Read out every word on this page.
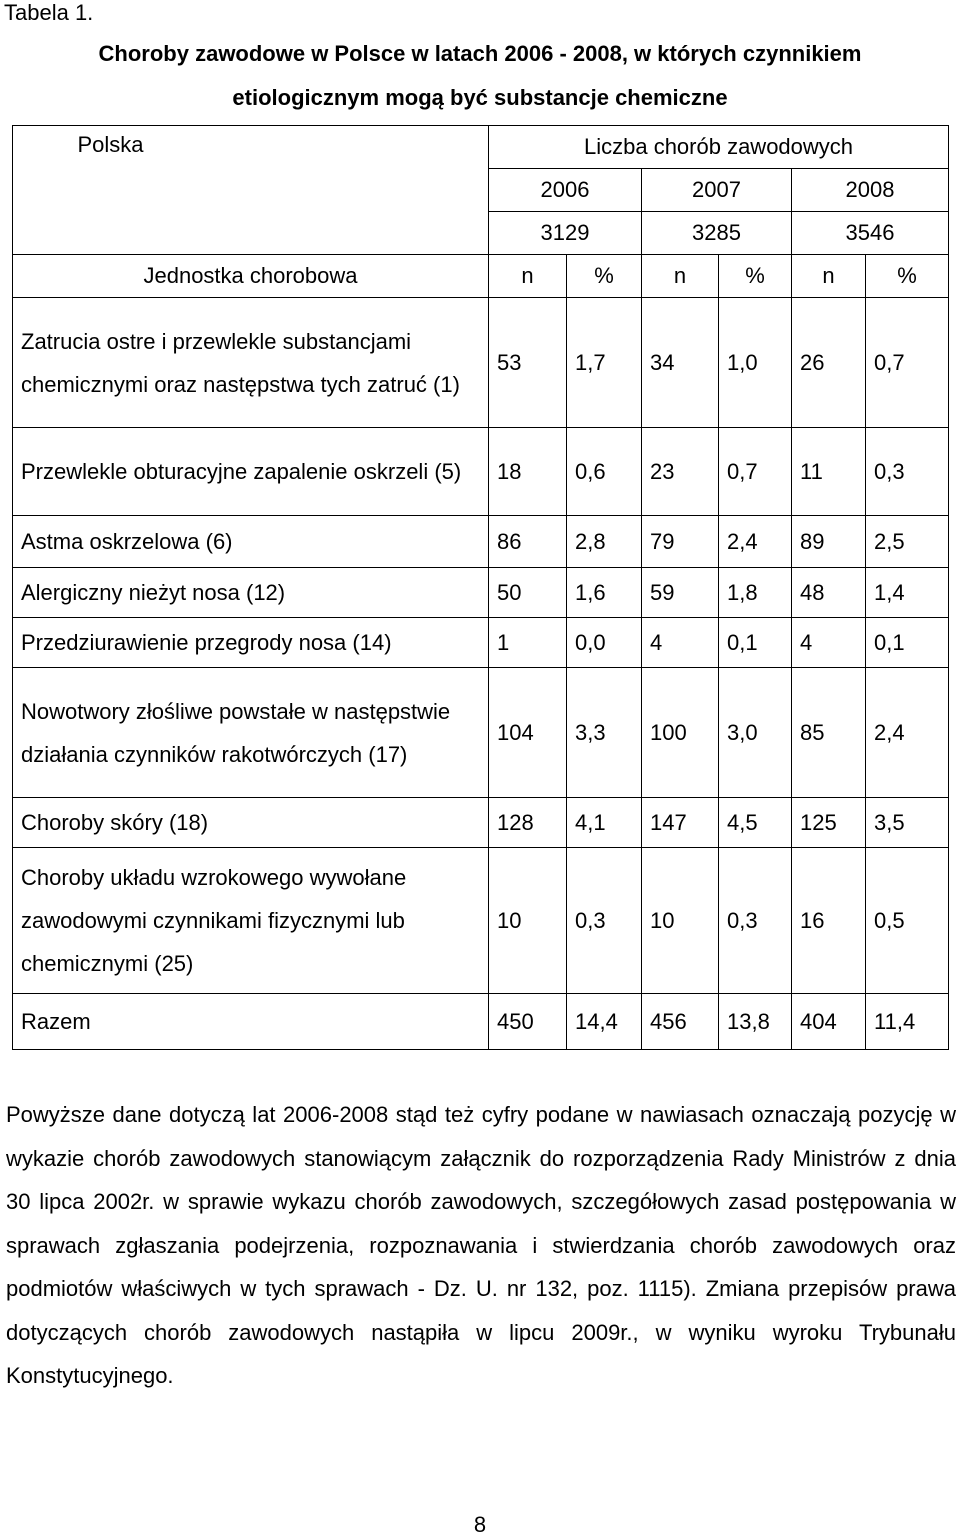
Tabela 1.
Choroby zawodowe w Polsce w latach 2006 - 2008, w których czynnikiem
etiologicznym mogą być substancje chemiczne
Polska	Liczba chorób zawodowych					
	2006		2007		2008	
	3129		3285		3546	
Jednostka chorobowa	n	%	n	%	n	%
Zatrucia ostre i przewlekle substancjami chemicznymi oraz następstwa tych zatruć (1)	53	1,7	34	1,0	26	0,7
Przewlekle obturacyjne zapalenie oskrzeli (5)	18	0,6	23	0,7	11	0,3
Astma oskrzelowa (6)	86	2,8	79	2,4	89	2,5
Alergiczny nieżyt nosa (12)	50	1,6	59	1,8	48	1,4
Przedziurawienie przegrody nosa (14)	1	0,0	4	0,1	4	0,1
Nowotwory złośliwe powstałe w następstwie działania czynników rakotwórczych (17)	104	3,3	100	3,0	85	2,4
Choroby skóry (18)	128	4,1	147	4,5	125	3,5
Choroby układu wzrokowego wywołane zawodowymi czynnikami fizycznymi lub chemicznymi (25)	10	0,3	10	0,3	16	0,5
Razem	450	14,4	456	13,8	404	11,4
Powyższe dane dotyczą lat 2006-2008 stąd też cyfry podane w nawiasach oznaczają pozycję w wykazie chorób zawodowych stanowiącym załącznik do rozporządzenia Rady Ministrów z dnia 30 lipca 2002r. w sprawie wykazu chorób zawodowych, szczegółowych zasad postępowania w sprawach zgłaszania podejrzenia, rozpoznawania i stwierdzania chorób zawodowych oraz podmiotów właściwych w tych sprawach - Dz. U. nr 132, poz. 1115). Zmiana przepisów prawa dotyczących chorób zawodowych nastąpiła w lipcu 2009r., w wyniku wyroku Trybunału Konstytucyjnego.
8
